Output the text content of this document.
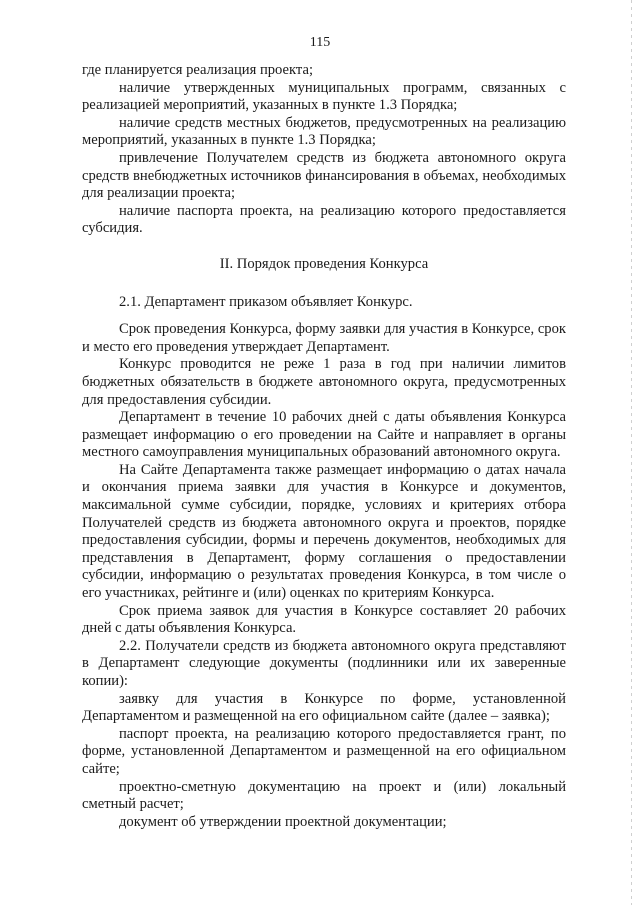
115

где планируется реализация проекта;

наличие утвержденных муниципальных программ, связанных с реализацией мероприятий, указанных в пункте 1.3 Порядка;

наличие средств местных бюджетов, предусмотренных на реализацию мероприятий, указанных в пункте 1.3 Порядка;

привлечение Получателем средств из бюджета автономного округа средств внебюджетных источников финансирования в объемах, необходимых для реализации проекта;

наличие паспорта проекта, на реализацию которого предоставляется субсидия.

II. Порядок проведения Конкурса

2.1. Департамент приказом объявляет Конкурс.

Срок проведения Конкурса, форму заявки для участия в Конкурсе, срок и место его проведения утверждает Департамент.

Конкурс проводится не реже 1 раза в год при наличии лимитов бюджетных обязательств в бюджете автономного округа, предусмотренных для предоставления субсидии.

Департамент в течение 10 рабочих дней с даты объявления Конкурса размещает информацию о его проведении на Сайте и направляет в органы местного самоуправления муниципальных образований автономного округа.

На Сайте Департамента также размещает информацию о датах начала и окончания приема заявки для участия в Конкурсе и документов, максимальной сумме субсидии, порядке, условиях и критериях отбора Получателей средств из бюджета автономного округа и проектов, порядке предоставления субсидии, формы и перечень документов, необходимых для представления в Департамент, форму соглашения о предоставлении субсидии, информацию о результатах проведения Конкурса, в том числе о его участниках, рейтинге и (или) оценках по критериям Конкурса.

Срок приема заявок для участия в Конкурсе составляет 20 рабочих дней с даты объявления Конкурса.

2.2. Получатели средств из бюджета автономного округа представляют в Департамент следующие документы (подлинники или их заверенные копии):

заявку для участия в Конкурсе по форме, установленной Департаментом и размещенной на его официальном сайте (далее – заявка);

паспорт проекта, на реализацию которого предоставляется грант, по форме, установленной Департаментом и размещенной на его официальном сайте;

проектно-сметную документацию на проект и (или) локальный сметный расчет;

документ об утверждении проектной документации;
